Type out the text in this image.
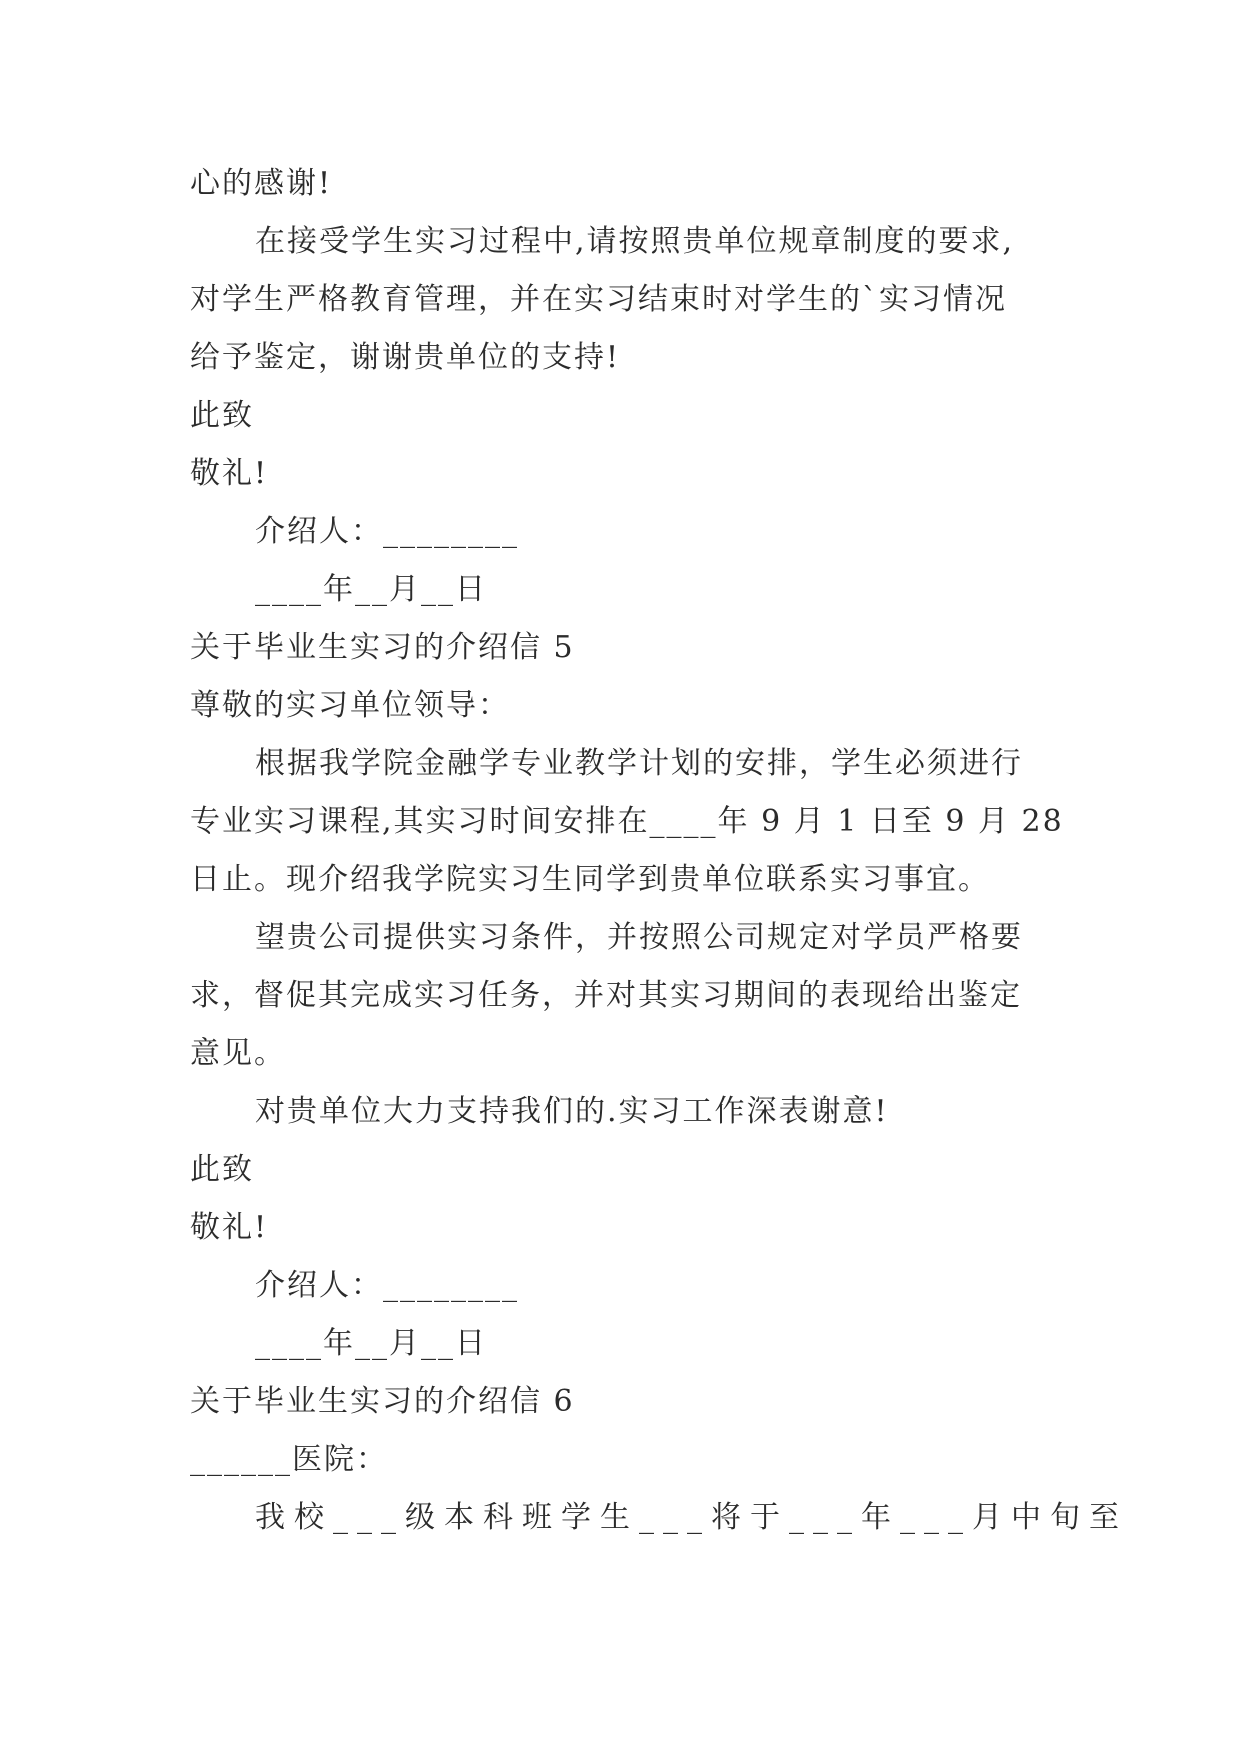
心的感谢!
在接受学生实习过程中,请按照贵单位规章制度的要求,
对学生严格教育管理，并在实习结束时对学生的`实习情况
给予鉴定，谢谢贵单位的支持!
此致
敬礼!
介绍人：________
____年__月__日
关于毕业生实习的介绍信 5
尊敬的实习单位领导：
根据我学院金融学专业教学计划的安排，学生必须进行
专业实习课程,其实习时间安排在____年 9 月 1 日至 9 月 28
日止。现介绍我学院实习生同学到贵单位联系实习事宜。
望贵公司提供实习条件，并按照公司规定对学员严格要
求，督促其完成实习任务，并对其实习期间的表现给出鉴定
意见。
对贵单位大力支持我们的.实习工作深表谢意!
此致
敬礼!
介绍人：________
____年__月__日
关于毕业生实习的介绍信 6
______医院：
我校___级本科班学生___将于___年___月中旬至
